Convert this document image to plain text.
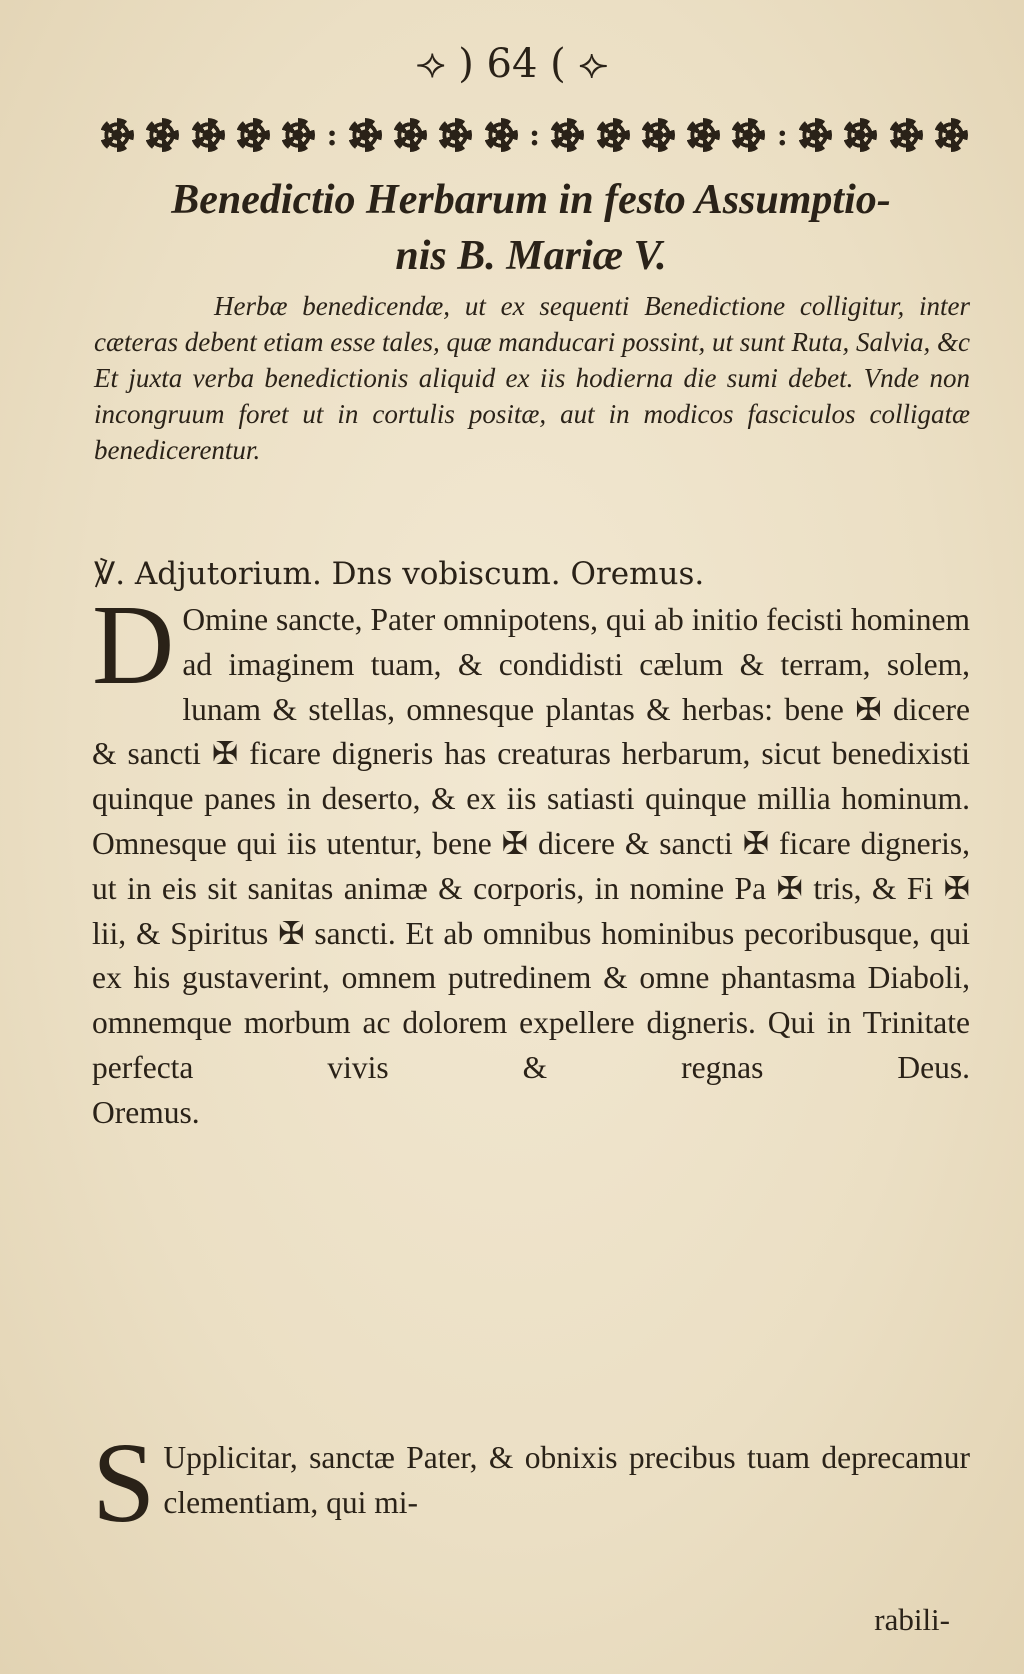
⟢ ) 64 ( ⟣
:	:	:
Benedictio Herbarum in festo Assumptio-
nis B. Mariæ V.

Herbæ benedicendæ, ut ex sequenti Benedictione colligitur, inter cæteras debent etiam esse tales, quæ manducari possint, ut sunt Ruta, Salvia, &c Et juxta verba benedictionis aliquid ex iis hodierna die sumi debet. Vnde non incongruum foret ut in cortulis positæ, aut in modicos fasciculos colligatæ benedicerentur.

℣. Adjutorium. Dns vobiscum. Oremus.
D Omine sancte, Pater omnipotens, qui ab initio fecisti hominem ad imaginem tuam, & condidisti cælum & terram, solem, lunam & stellas, omnesque plantas & herbas: bene ✠ dicere & sancti ✠ ficare digneris has creaturas herbarum, sicut benedixisti quinque panes in deserto, & ex iis satiasti quinque millia hominum. Omnesque qui iis utentur, bene ✠ dicere & sancti ✠ ficare digneris, ut in eis sit sanitas animæ & corporis, in nomine Pa ✠ tris, & Fi ✠ lii, & Spiritus ✠ sancti. Et ab omnibus hominibus pecoribusque, qui ex his gustaverint, omnem putredinem & omne phantasma Diaboli, omnemque morbum ac dolorem expellere digneris. Qui in Trinitate perfecta vivis & regnas Deus.
Oremus.
S Upplicitar, sanctæ Pater, & obnixis precibus tuam deprecamur clementiam, qui mi-
rabili-
